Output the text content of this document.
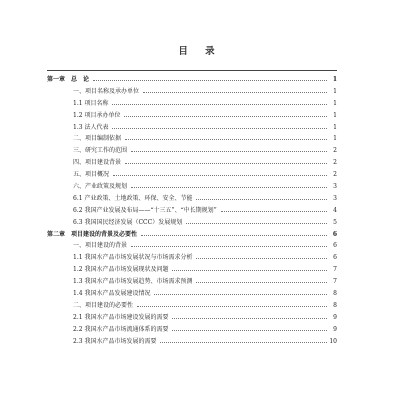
目 录
第一章　总　论	1
一、项目名称及承办单位	1
1.1 项目名称	1
1.2 项目承办单位	1
1.3 法人代表	1
二、项目编制依据	1
三、研究工作的范围	2
四、项目建设背景	2
五、项目概况	2
六、产业政策及规划	3
6.1 产业政策、土地政策、环保、安全、节能	3
6.2 我国产业发展及布局——“十三五”、“中长期规划”	4
6.3 我国国民经济发展（CCC）发展规划	5
第二章　项目建设的背景及必要性	6
一、项目建设的背景	6
1.1 我国水产品市场发展状况与市场需求分析	6
1.2 我国水产品市场发展现状及问题	7
1.3 我国水产品市场发展趋势、市场需求预测	7
1.4 我国水产品发展建设情况	8
二、项目建设的必要性	8
2.1 我国水产品市场建设发展的需要	9
2.2 我国水产品市场流通体系的需要	9
2.3 我国水产品市场发展的需要	10
